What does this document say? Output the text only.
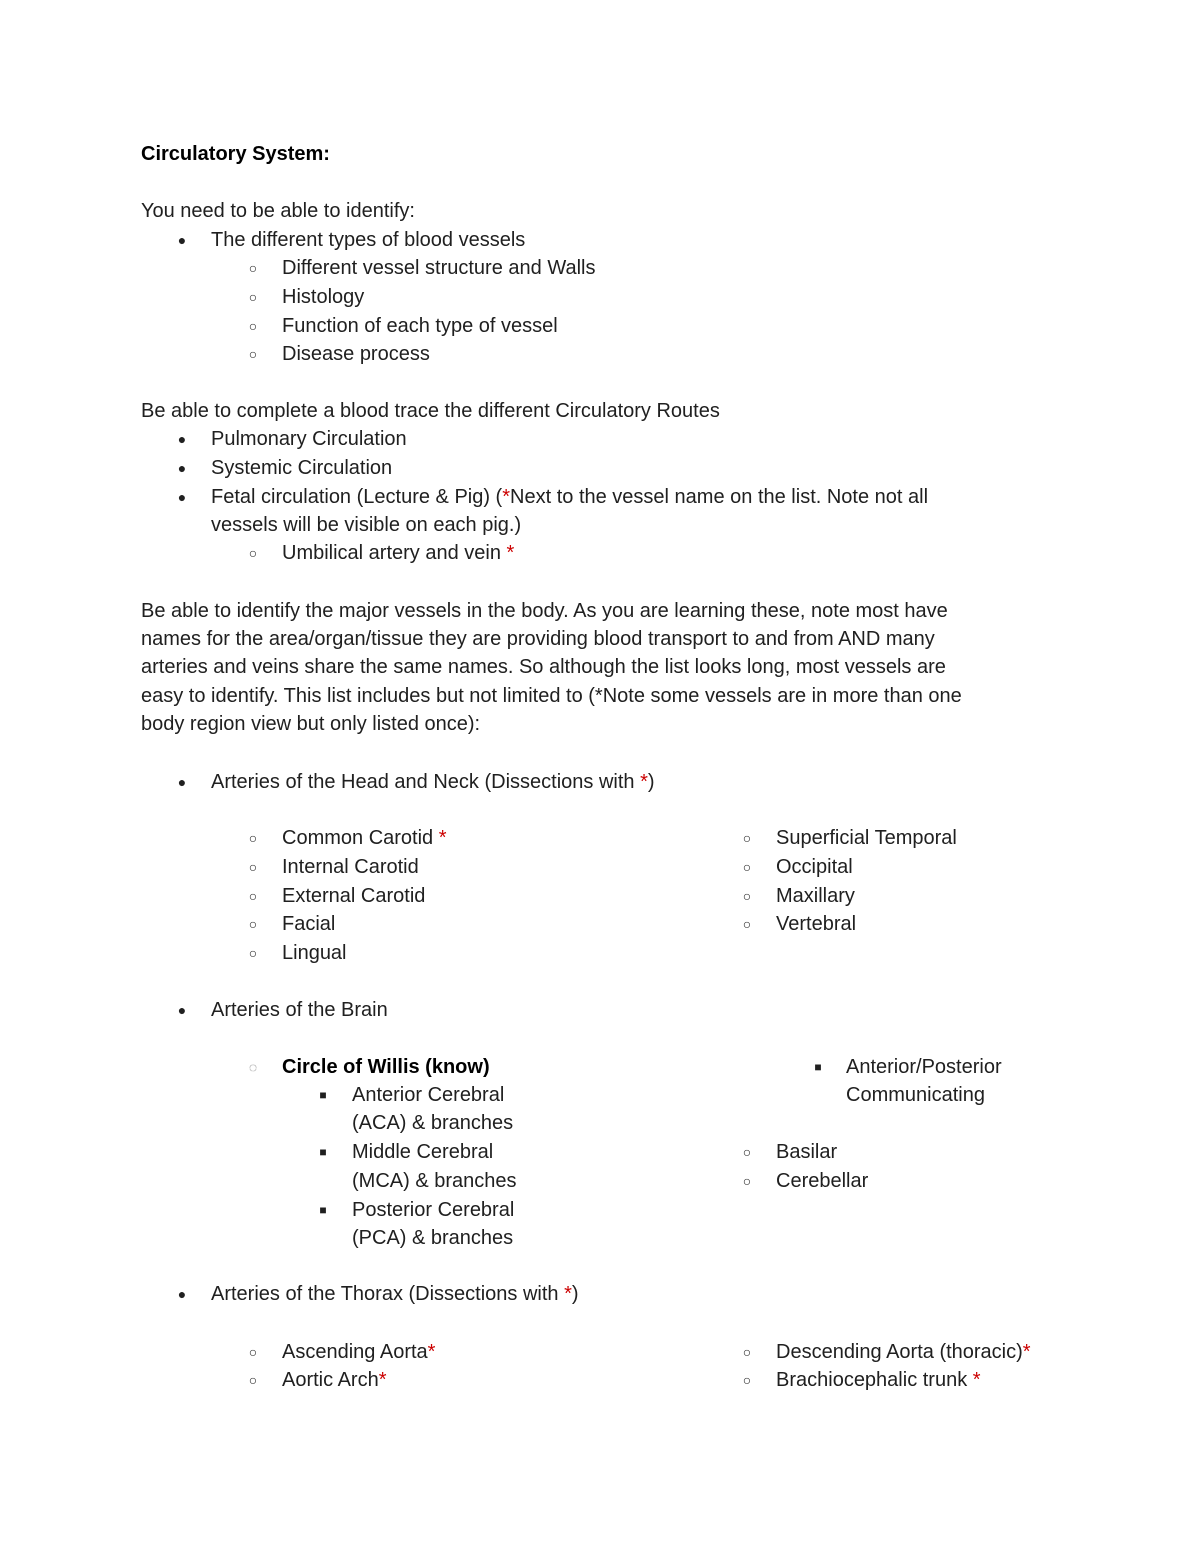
Circulatory System:
You need to be able to identify:
● The different types of blood vessels
○ Different vessel structure and Walls
○ Histology
○ Function of each type of vessel
○ Disease process
Be able to complete a blood trace the different Circulatory Routes
● Pulmonary Circulation
● Systemic Circulation
● Fetal circulation (Lecture & Pig) (*Next to the vessel name on the list. Note not all
vessels will be visible on each pig.)
○ Umbilical artery and vein *
Be able to identify the major vessels in the body. As you are learning these, note most have
names for the area/organ/tissue they are providing blood transport to and from AND many
arteries and veins share the same names. So although the list looks long, most vessels are
easy to identify. This list includes but not limited to (*Note some vessels are in more than one
body region view but only listed once):
● Arteries of the Head and Neck (Dissections with *)
○ Common Carotid *
○ Internal Carotid
○ External Carotid
○ Facial
○ Lingual
○ Superficial Temporal
○ Occipital
○ Maxillary
○ Vertebral
● Arteries of the Brain
◌ Circle of Willis (know)
■ Anterior Cerebral
(ACA) & branches
■ Middle Cerebral
(MCA) & branches
■ Posterior Cerebral
(PCA) & branches
■ Anterior/Posterior
Communicating
○ Basilar
○ Cerebellar
● Arteries of the Thorax (Dissections with *)
○ Ascending Aorta*
○ Aortic Arch*
○ Descending Aorta (thoracic)*
○ Brachiocephalic trunk *
